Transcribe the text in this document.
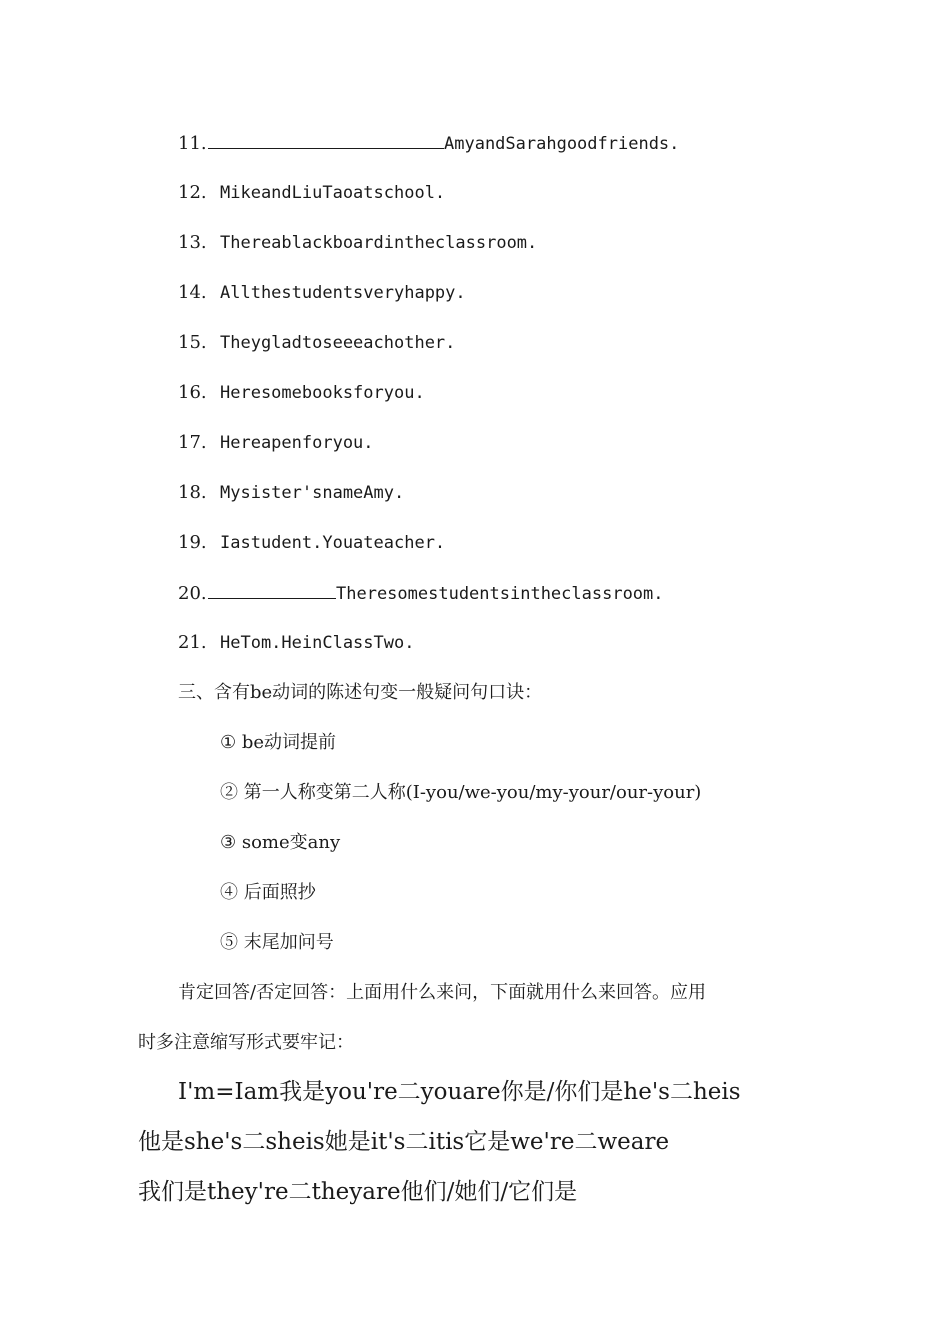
11.	AmyandSarahgoodfriends.
12. MikeandLiuTaoatschool.
13. Thereablackboardintheclassroom.
14. Allthestudentsveryhappy.
15. Theygladtoseeeachother.
16. Heresomebooksforyou.
17. Hereapenforyou.
18. Mysister'snameAmy.
19. Iastudent.Youateacher.
20.	Theresomestudentsintheclassroom.
21. HeTom.HeinClassTwo.
三、含有be动词的陈述句变一般疑问句口诀：
① be动词提前
② 第一人称变第二人称(I-you/we-you/my-your/our-your)
③ some变any
④ 后面照抄
⑤ 末尾加问号
肯定回答/否定回答：上面用什么来问，下面就用什么来回答。应用
时多注意缩写形式要牢记：
I'm=Iam我是you're二youare你是/你们是he's二heis
他是she's二sheis她是it's二itis它是we're二weare
我们是they're二theyare他们/她们/它们是
